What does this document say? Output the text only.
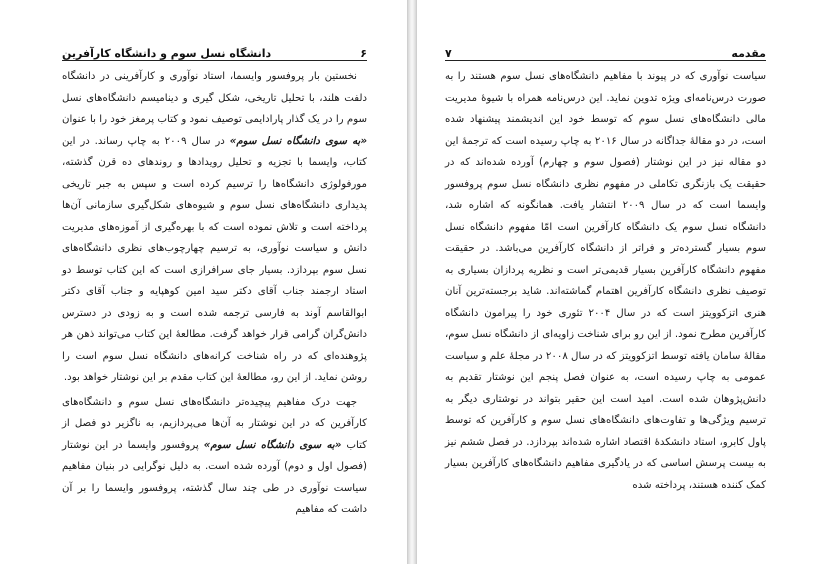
۶
دانشگاه نسل سوم و دانشگاه کارآفرین

نخستین بار پروفسور وایسما، استاد نوآوری و کارآفرینی در دانشگاه دلفت هلند، با تحلیل تاریخی، شکل گیری و دینامیسم دانشگاه‌های نسل سوم را در یک گذار پارادایمی توصیف نمود و کتاب پرمغز خود را با عنوان «به سوی دانشگاه نسل سوم» در سال ۲۰۰۹ به چاپ رساند. در این کتاب، وایسما با تجزیه و تحلیل رویدادها و روندهای ده قرن گذشته، مورفولوژی دانشگاه‌ها را ترسیم کرده است و سپس به جبر تاریخی پدیداری دانشگاه‌های نسل سوم و شیوه‌های شکل‌گیری سازمانی آن‌ها پرداخته است و تلاش نموده است که با بهره‌گیری از آموزه‌های مدیریت دانش و سیاست نوآوری، به ترسیم چهارچوب‌های نظری دانشگاه‌های نسل سوم بپردازد. بسیار جای سرافرازی است که این کتاب توسط دو استاد ارجمند جناب آقای دکتر سید امین کوهپایه و جناب آقای دکتر ابوالقاسم آوند به فارسی ترجمه شده است و به زودی در دسترس دانش‌گران گرامی قرار خواهد گرفت. مطالعهٔ این کتاب می‌تواند ذهن هر پژوهنده‌ای که در راه شناخت کرانه‌های دانشگاه نسل سوم است را روشن نماید. از این رو، مطالعهٔ این کتاب مقدم بر این نوشتار خواهد بود.

جهت درک مفاهیم پیچیده‌تر دانشگاه‌های نسل سوم و دانشگاه‌های کارآفرین که در این نوشتار به آن‌ها می‌پردازیم، به ناگزیر دو فصل از کتاب «به سوی دانشگاه نسل سوم» پروفسور وایسما در این نوشتار (فصول اول و دوم) آورده شده است. به دلیل نوگرایی در بنیان مفاهیم سیاست نوآوری در طی چند سال گذشته، پروفسور وایسما را بر آن داشت که مفاهیم

مقدمه
۷

سیاست نوآوری که در پیوند با مفاهیم دانشگاه‌های نسل سوم هستند را به صورت درس‌نامه‌ای ویژه تدوین نماید. این درس‌نامه همراه با شیوهٔ مدیریت مالی دانشگاه‌های نسل سوم که توسط خود این اندیشمند پیشنهاد شده است، در دو مقالهٔ جداگانه در سال ۲۰۱۶ به چاپ رسیده است که ترجمهٔ این دو مقاله نیز در این نوشتار (فصول سوم و چهارم) آورده شده‌اند که در حقیقت یک بازنگری تکاملی در مفهوم نظری دانشگاه نسل سوم پروفسور وایسما است که در سال ۲۰۰۹ انتشار یافت. همانگونه که اشاره شد، دانشگاه نسل سوم یک دانشگاه کارآفرین است امّا مفهوم دانشگاه نسل سوم بسیار گسترده‌تر و فراتر از دانشگاه کارآفرین می‌باشد. در حقیقت مفهوم دانشگاه کارآفرین بسیار قدیمی‌تر است و نظریه پردازان بسیاری به توصیف نظری دانشگاه کارآفرین اهتمام گماشته‌اند. شاید برجسته‌ترین آنان هنری اتزکوویتز است که در سال ۲۰۰۴ تئوری خود را پیرامون دانشگاه کارآفرین مطرح نمود. از این رو برای شناخت زاویه‌ای از دانشگاه نسل سوم، مقالهٔ سامان یافته توسط اتزکوویتز که در سال ۲۰۰۸ در مجلهٔ علم و سیاست عمومی به چاپ رسیده است، به عنوان فصل پنجم این نوشتار تقدیم به دانش‌پژوهان شده است. امید است این حقیر بتواند در نوشتاری دیگر به ترسیم ویژگی‌ها و تفاوت‌های دانشگاه‌های نسل سوم و کارآفرین که توسط پاول کابرو، استاد دانشکدهٔ اقتصاد اشاره شده‌اند بپردازد. در فصل ششم نیز به بیست پرسش اساسی که در یادگیری مفاهیم دانشگاه‌های کارآفرین بسیار کمک کننده هستند، پرداخته شده
